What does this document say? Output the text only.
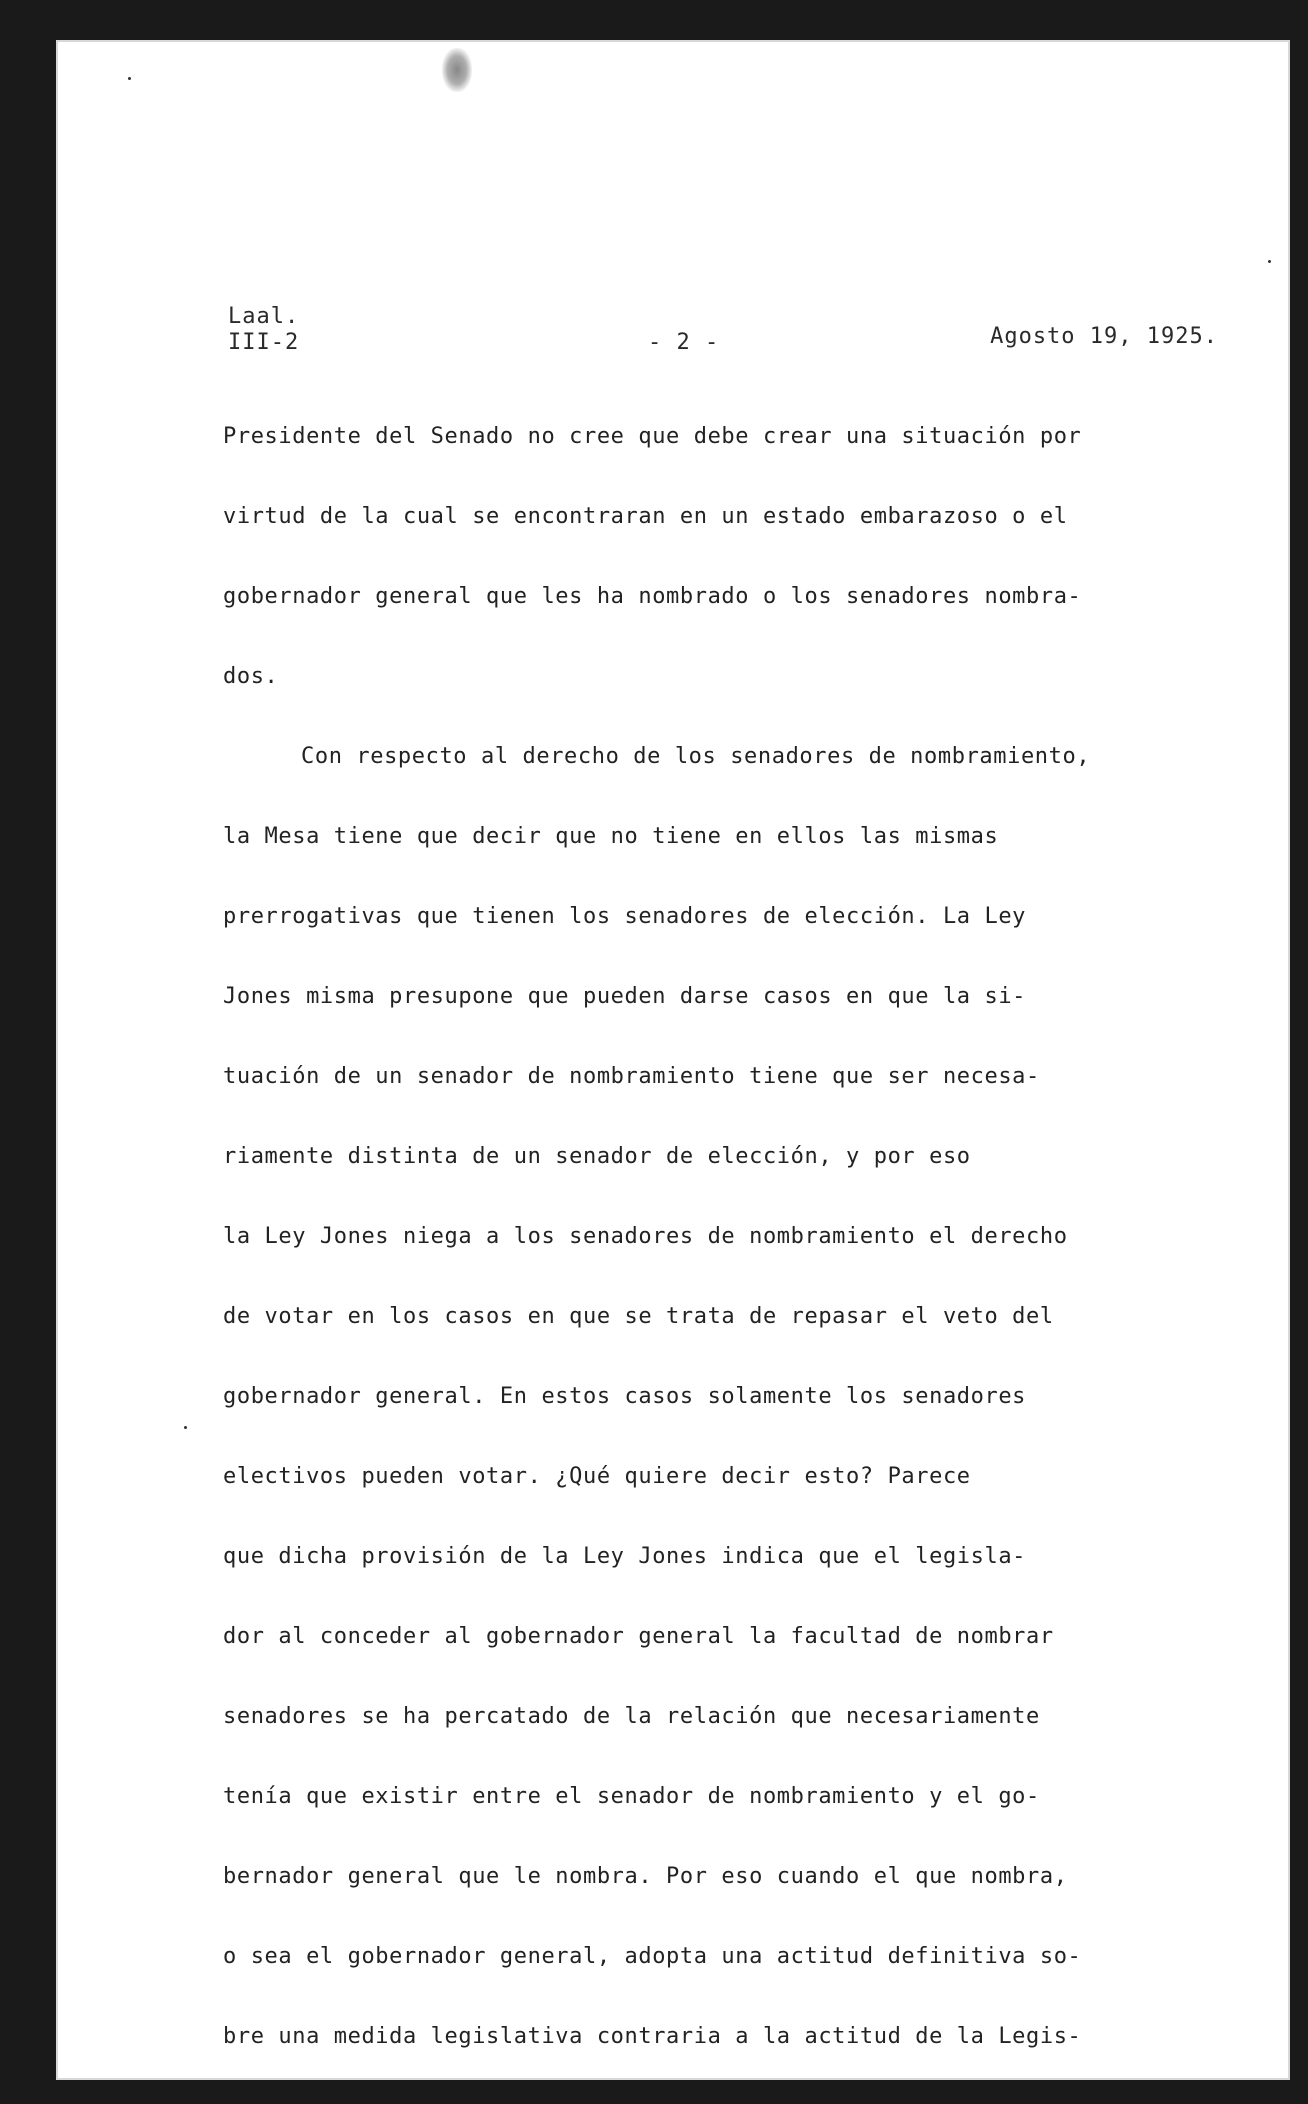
Laal.
III-2	- 2 -	Agosto 19, 1925.
Presidente del Senado no cree que debe crear una situación por
virtud de la cual se encontraran en un estado embarazoso o el
gobernador general que les ha nombrado o los senadores nombra-
dos.
Con respecto al derecho de los senadores de nombramiento,
la Mesa tiene que decir que no tiene en ellos las mismas
prerrogativas que tienen los senadores de elección. La Ley
Jones misma presupone que pueden darse casos en que la si-
tuación de un senador de nombramiento tiene que ser necesa-
riamente distinta de un senador de elección, y por eso
la Ley Jones niega a los senadores de nombramiento el derecho
de votar en los casos en que se trata de repasar el veto del
gobernador general. En estos casos solamente los senadores
electivos pueden votar. ¿Qué quiere decir esto? Parece
que dicha provisión de la Ley Jones indica que el legisla-
dor al conceder al gobernador general la facultad de nombrar
senadores se ha percatado de la relación que necesariamente
tenía que existir entre el senador de nombramiento y el go-
bernador general que le nombra. Por eso cuando el que nombra,
o sea el gobernador general, adopta una actitud definitiva so-
bre una medida legislativa contraria a la actitud de la Legis-
